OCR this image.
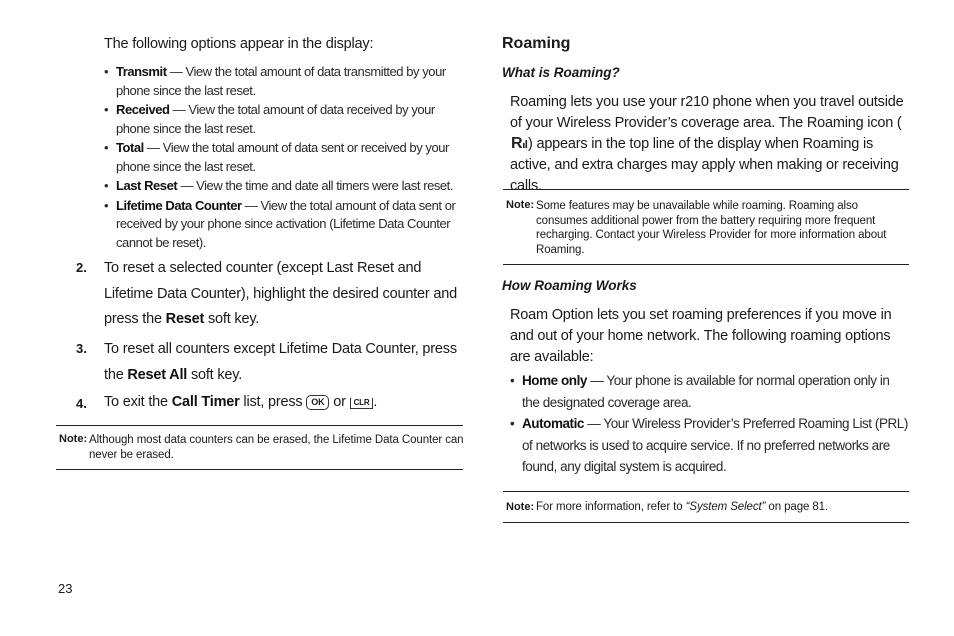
The following options appear in the display:
• Transmit — View the total amount of data transmitted by your phone since the last reset.
• Received — View the total amount of data received by your phone since the last reset.
• Total — View the total amount of data sent or received by your phone since the last reset.
• Last Reset — View the time and date all timers were last reset.
• Lifetime Data Counter — View the total amount of data sent or received by your phone since activation (Lifetime Data Counter cannot be reset).
2. To reset a selected counter (except Last Reset and Lifetime Data Counter), highlight the desired counter and press the Reset soft key.
3. To reset all counters except Lifetime Data Counter, press the Reset All soft key.
4. To exit the Call Timer list, press OK or CLR .
Note: Although most data counters can be erased, the Lifetime Data Counter can never be erased.
Roaming
What is Roaming?
Roaming lets you use your r210 phone when you travel outside of your Wireless Provider’s coverage area. The Roaming icon (
R ) appears in the top line of the display when Roaming is active, and extra charges may apply when making or receiving calls.
Note: Some features may be unavailable while roaming. Roaming also consumes additional power from the battery requiring more frequent recharging. Contact your Wireless Provider for more information about Roaming.
How Roaming Works
Roam Option lets you set roaming preferences if you move in and out of your home network. The following roaming options are available:
• Home only — Your phone is available for normal operation only in the designated coverage area.
• Automatic — Your Wireless Provider’s Preferred Roaming List (PRL) of networks is used to acquire service. If no preferred networks are found, any digital system is acquired.
Note: For more information, refer to “System Select” on page 81.
23
